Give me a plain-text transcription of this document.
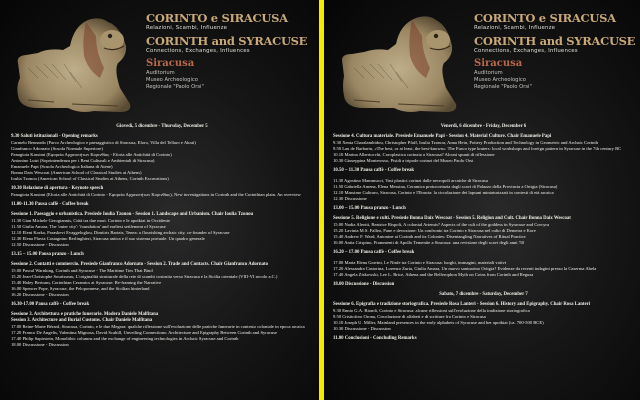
CORINTO e SIRACUSA
Relazioni, Scambi, Influenze
CORINTH and SYRACUSE
Connections, Exchanges, Influences
Siracusa
Auditorium
Museo Archeologico
Regionale "Paolo Orsi"
Giovedì, 5 dicembre - Thursday, December 5
9.30 Saluti istituzionali - Opening remarks
Carmelo Bennardo (Parco Archeologico e paesaggistico di Siracusa, Eloro, Villa del Tellaro e Akrai)
Gianfranco Adornato (Scuola Normale Superiore)
Panagiota Kassimi (Εφορεία Αρχαιοτήτων Κορινθίας - Eforia alle Antichità di Corinto)
Antonino Lutri (Soprintendenza per i Beni Culturali e Ambientali di Siracusa)
Emanuele Papi (Scuola Archeologica Italiana di Atene)
Bonna Daix Wescoat (American School of Classical Studies at Athens)
Ioulia Tzonou (American School of Classical Studies at Athens, Corinth Excavations)
10.30 Relazione di apertura - Keynote speech
Panagiota Kassimi (Eforia alle Antichità di Corinto - Εφορεία Αρχαιοτήτων Κορινθίας), New investigations in Corinth and the Corinthian plain. An overview
11.00-11.30 Pausa caffè - Coffee break
Sessione 1. Paesaggio e urbanistica. Presiede Ioulia Tzonou - Session 1. Landscape and Urbanism. Chair Ioulia Tzonou
11.30 Gian Michele Gerogiannis, Città tra due mari. Corinto e le apoikiai in Occidente
11.50 Giulia Amara, The 'outer city': 'foundation' and earliest settlement of Syracuse
12.10 Eleni Korka, Paraskevi Evaggeloglou, Dimitris Bartzis, Tenea: a flourishing archaic city, co-founder of Syracuse
12.30 Elena Flavia Castagnino Berlinghieri, Siracusa antica e il suo sistema portuale. Un quadro generale
12.50 Discussione - Discussion
13.15 – 15.00 Pausa pranzo - Lunch
Sessione 2. Contatti e commercio. Presiede Gianfranco Adornato - Session 2. Trade and Contacts. Chair Gianfranco Adornato
15.00 Pascal Warnking, Corinth and Syracuse - The Maritime Ties That Bind
15.20 Jean-Christophe Sourisseau, L'originalità strutturale della rete di scambi costruita verso Siracusa e la Sicilia orientale (VIII-VI secolo a.C.)
15.40 Haley Bertram, Corinthian Ceramics at Syracuse: Re-framing the Narrative
16.00 Spencer Pope, Syracuse, the Peloponnese, and the Sicilian hinterland
16.20 Discussione - Discussion
16.30-17.00 Pausa caffè - Coffee break
Sessione 3. Architettura e pratiche funerarie. Modera Daniele Malfitana
Session 3. Architecture and Burial Customs. Chair Daniele Malfitana
17.00 Reine-Marie Bérard, Siracusa, Corinto, e le due Megara: qualche riflessione sull'evoluzione delle pratiche funerarie in contesto coloniale in epoca arcaica
17.20 Franco De Angelis, Valentina Mignosa, David Scahill, Unveiling Connections: Architecture and Epigraphy Between Corinth and Syracuse
17.40 Philip Sapirstein, Monolithic columns and the exchange of engineering technologies in Archaic Syracuse and Corinth
18.00 Discussione - Discussion
CORINTO e SIRACUSA
Relazioni, Scambi, Influenze
CORINTH and SYRACUSE
Connections, Exchanges, Influences
Siracusa
Auditorium
Museo Archeologico
Regionale "Paolo Orsi"
Venerdì, 6 dicembre - Friday, December 6
Sessione 4. Cultura materiale. Presiede Emanuele Papi - Session 4. Material Culture. Chair Emanuele Papi
9.30 Xenia Charalambidou, Christopher Pfaff, Ioulia Tzonou, Anna Hein, Pottery Production and Technology in Geometric and Archaic Corinth
9.50 Lau de Barbarin, «The best, or at least, the best-known»: The Fusco type kraters: local workshops and foreign pattern in Syracuse in the 7th century BC
10.10 Marina Albertocchi, Coroplastica corinzia a Siracusa? Alcuni spunti di riflessione
10.30 Giuseppina Monterosso, Pisidi a tripode corinzi del Museo Paolo Orsi
10.50 – 11.30 Pausa caffè - Coffee break
11.30 Agostino Mammucci, Vasi plastici corinzi dalle necropoli arcaiche di Siracusa
11.50 Gabriella Amena, Elena Messina, Ceramica protocorinzia dagli scavi di Palazzo della Provincia a Ortigia (Siracusa)
12.10 Massimo Cultraro, Siracusa, Corinto e l'Etruria: la circolazione dei lapsani miniaturizzati in contesti di età arcaica
12.30 Discussione
13.00 – 15.00 Pausa pranzo - Lunch
Sessione 5. Religione e culti. Presiede Bonna Daix Wescoat - Session 5. Religion and Cult. Chair Bonna Daix Wescoat
15.00 Nadia Aleotti, Beatrice Rispoli, A colonial Artemis? Aspects of the cult of the goddess in Syracuse and Corcyra
15.20 Lavinia M.S. Fallea, Pane e devozione: Un confronto tra Corinto e Siracusa nel culto di Demetra e Kore
15.40 Andrew F. Ward, Antonine at Corinth and its Colonies: Disentangling Narratives of Ritual Practice
16.00 Anita Crispino, Frammenti di Apollo Temenite a Siracusa: una revisione degli scavi degli anni '50
16.20 – 17.00 Pausa caffè - Coffee break
17.00 Maria Elena Gorrini, Le Ninfe tra Corinto e Siracusa: luoghi, immagini, materiali votivi
17.20 Alessandra Castorina, Lorenzo Zuria, Giulia Amara, Un nuovo santuarino Ortigia? Evidenze da recenti indagini presso la Caserma Abela
17.40 Angela Ziskowski, Lee L. Brice, Athena and the Bellerophon Myth on Coins from Corinth and Regusa
18.00 Discussione - Discussion
Sabato, 7 dicembre - Saturday, December 7
Sessione 6. Epigrafia e tradizione storiografica. Presiede Rosa Lanteri - Session 6. History and Epigraphy. Chair Rosa Lanteri
9.30 Ennio G.A. Biondi, Corinto e Siracusa: alcune riflessioni sull'evoluzione della tradizione storiografica
9.50 Crisitoforo Orona, Circolazione di alfabeti e di scritture fra Corinto e Siracusa
10.10 Joseph U. Miller, Mainland presences in the early alphabets of Syracuse and her apoikiai (ca. 700-500 BCE)
10.30 Discussione - Discussion
11.00 Conclusioni - Concluding Remarks
